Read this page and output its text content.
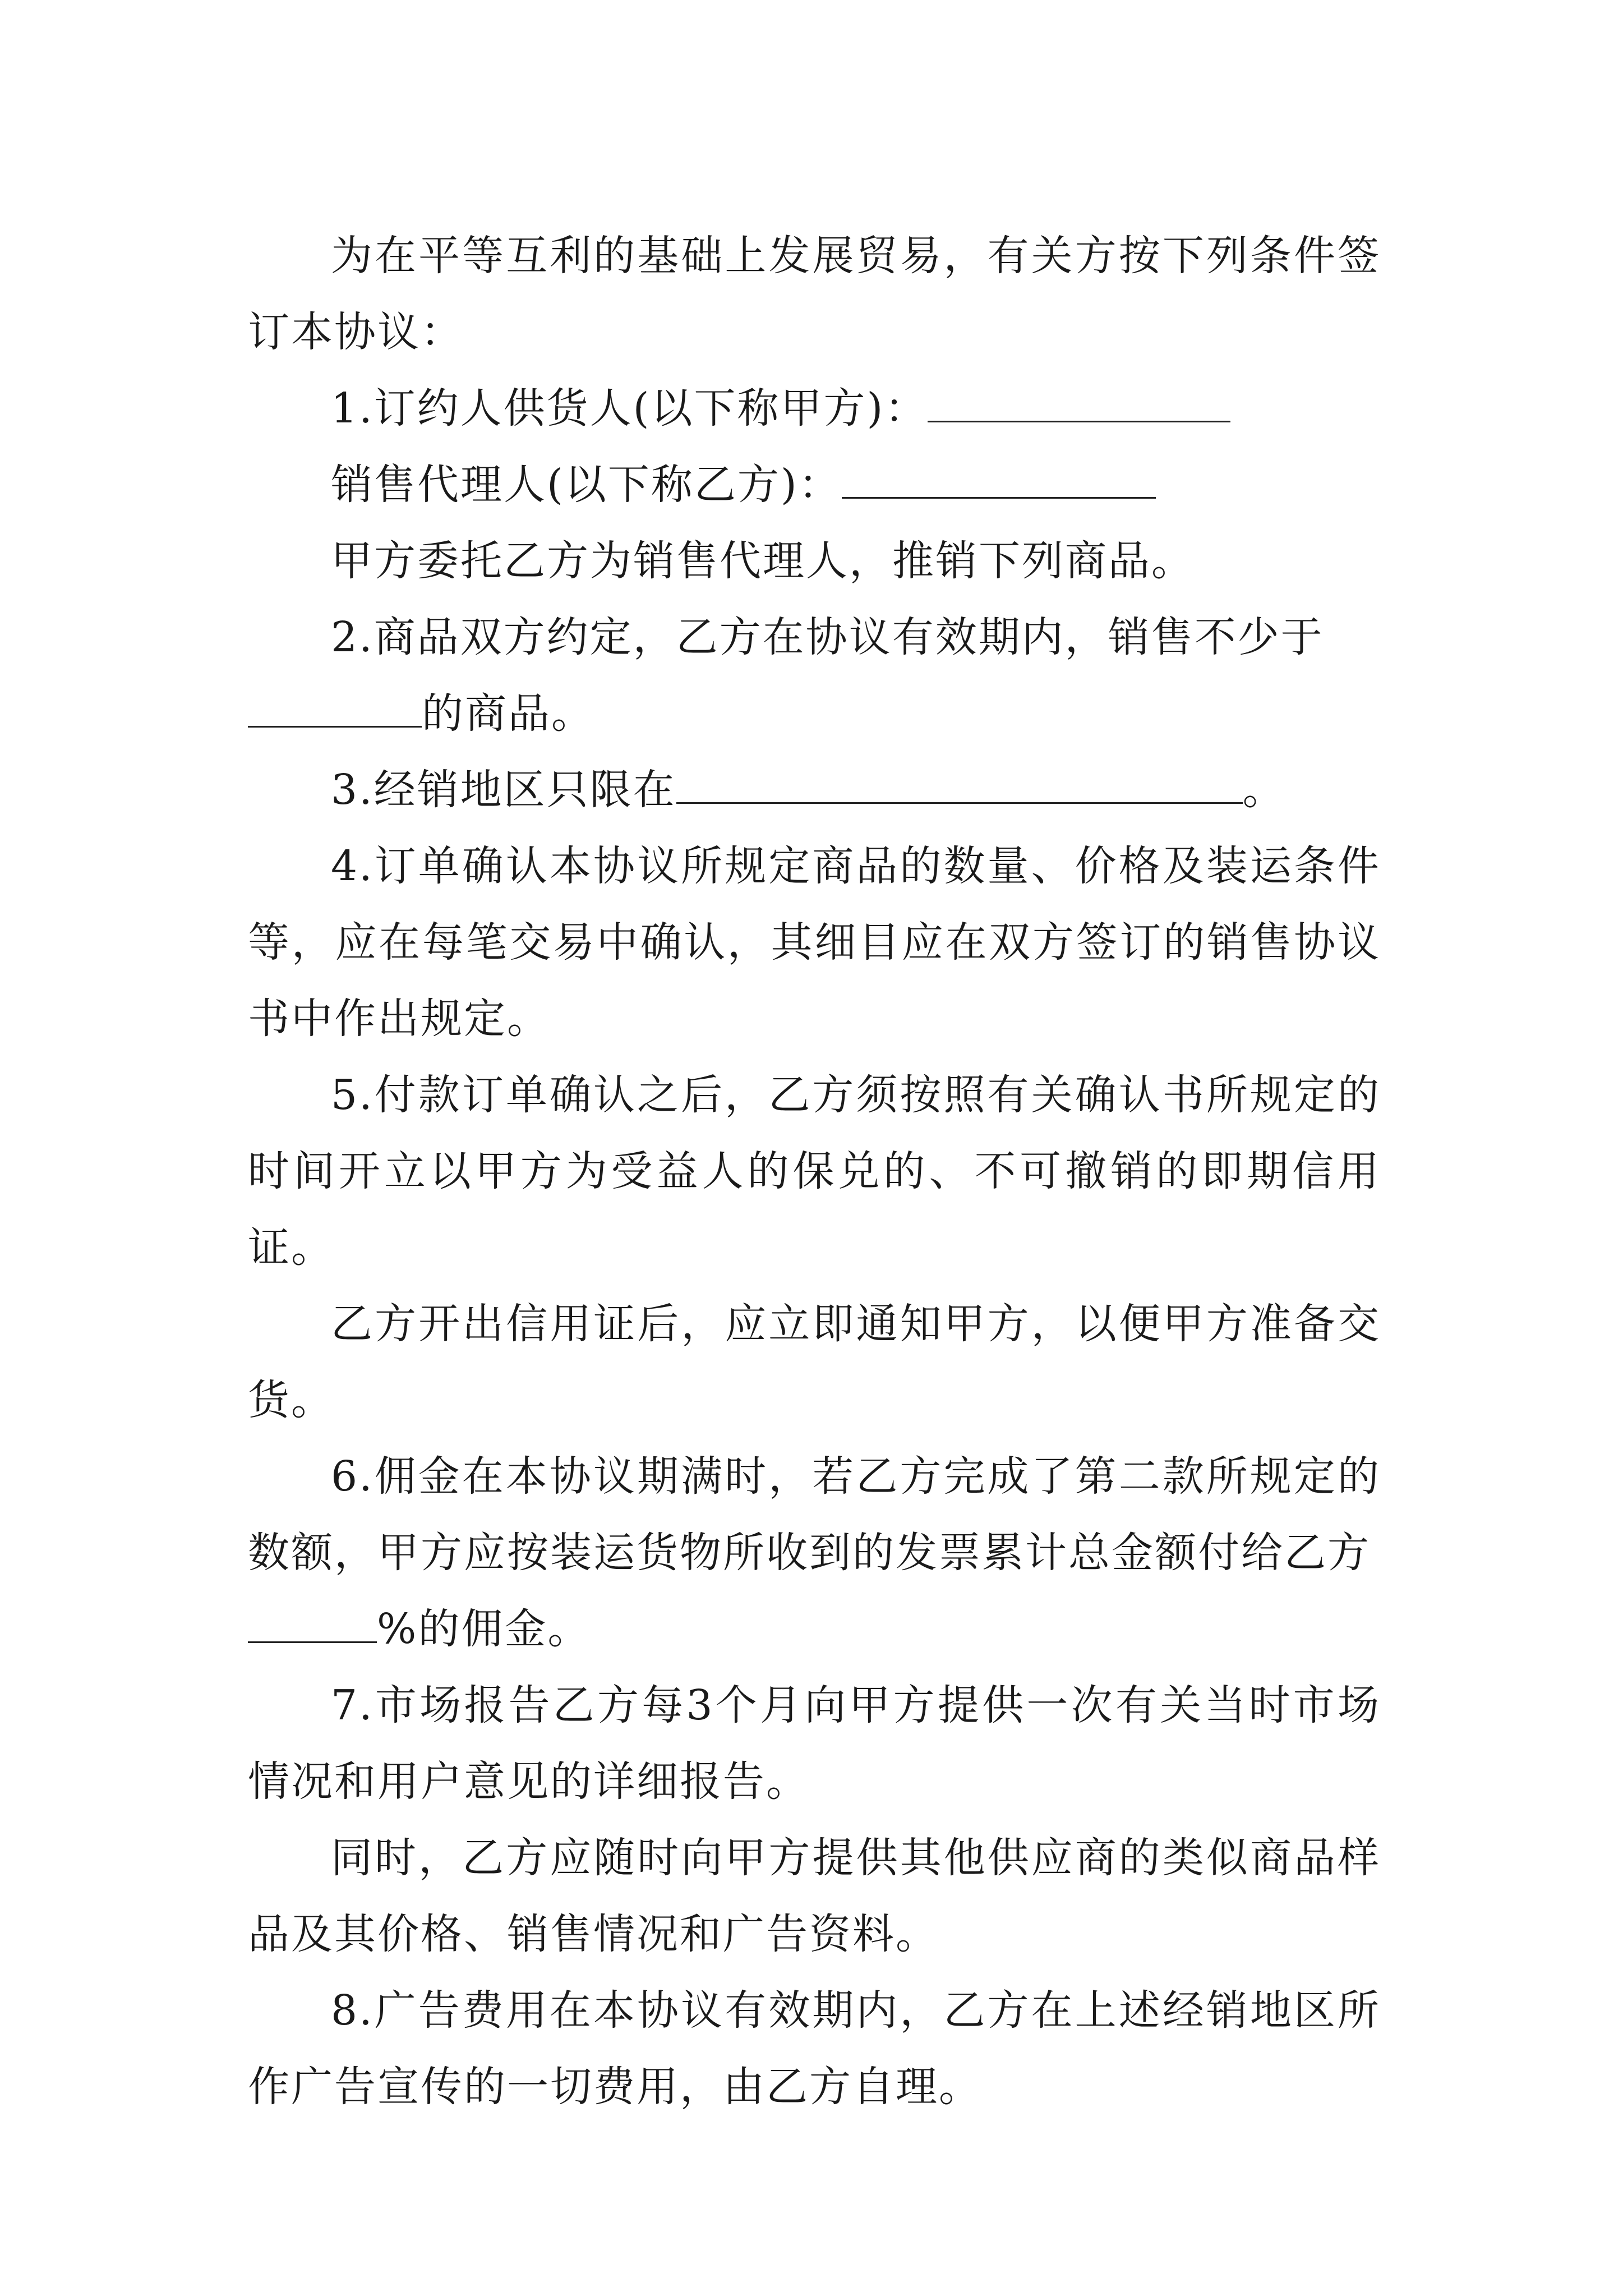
为在平等互利的基础上发展贸易，有关方按下列条件签订本协议：

1.订约人供货人(以下称甲方)：

销售代理人(以下称乙方)：

甲方委托乙方为销售代理人，推销下列商品。

2.商品双方约定，乙方在协议有效期内，销售不少于
的商品。

3.经销地区只限在	。

4.订单确认本协议所规定商品的数量、价格及装运条件等，应在每笔交易中确认，其细目应在双方签订的销售协议书中作出规定。

5.付款订单确认之后，乙方须按照有关确认书所规定的时间开立以甲方为受益人的保兑的、不可撤销的即期信用证。

乙方开出信用证后，应立即通知甲方，以便甲方准备交货。

6.佣金在本协议期满时，若乙方完成了第二款所规定的数额，甲方应按装运货物所收到的发票累计总金额付给乙方
%的佣金。

7.市场报告乙方每3个月向甲方提供一次有关当时市场情况和用户意见的详细报告。

同时，乙方应随时向甲方提供其他供应商的类似商品样品及其价格、销售情况和广告资料。

8.广告费用在本协议有效期内，乙方在上述经销地区所作广告宣传的一切费用，由乙方自理。
